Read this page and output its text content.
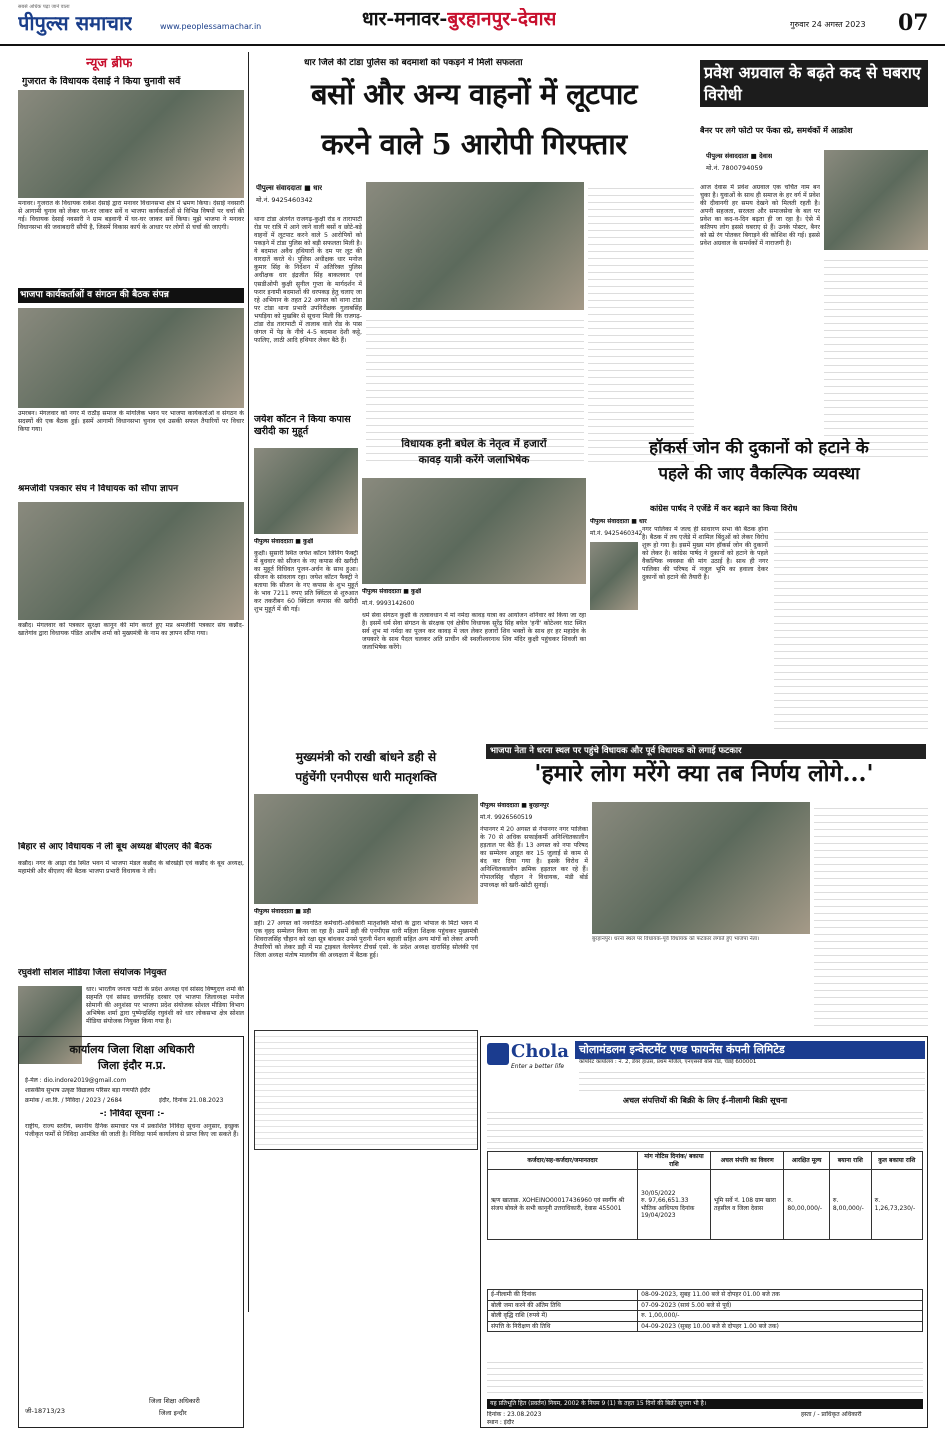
सबसे अधिक पढ़ा जाने वाला
पीपुल्स समाचार	www.peoplessamachar.in	धार-मनावर-बुरहानपुर-देवास	गुरुवार 24 अगस्त 2023 07
न्यूज ब्रीफ
गुजरात के विधायक देसाई ने किया चुनावी सर्वे
मनावर। गुजरात के विधायक राकेश देसाई द्वारा मनावर विधानसभा क्षेत्र में भ्रमण किया। देसाई नवसारी से आगामी चुनाव को लेकर घर-घर जाकर सर्वे व भाजपा कार्यकर्ताओं से विभिन्न विषयों पर चर्चा की गई। विधायक देसाई नवसारी ने ग्राम बड़वानी में घर-घर जाकर सर्वे किया। मुझे भाजपा ने मनावर विधानसभा की जवाबदारी सौंपी है, जिसमें विकास कार्य के आधार पर लोगों से चर्चा की जाएगी।
भाजपा कार्यकर्ताओं व संगठन की बैठक संपन्न
उमरबन। मंगलवार को नगर में राठौड़ समाज के मांगलिक भवन पर भाजपा कार्यकर्ताओं व संगठन के सदस्यों की एक बैठक हुई। इसमें आगामी विधानसभा चुनाव एवं उसकी सफल तैयारियों पर विचार किया गया।
श्रमजीवी पत्रकार संघ ने विधायक को सौंपा ज्ञापन
कन्नौद। मंगलवार को पत्रकार सुरक्षा कानून की मांग करते हुए मप्र श्रमजीवी पत्रकार संघ कन्नौद-खातेगांव द्वारा विधायक पंडित आशीष शर्मा को मुख्यमंत्री के नाम का ज्ञापन सौंपा गया।
बिहार से आए विधायक ने ली बूथ अध्यक्ष बीएलए की बैठक
कन्नौद। नगर के आढ़ा रोड स्थित भवन में भाजपा मंडल कन्नौद के बोरखेड़ी एवं कन्नौद के बूथ अध्यक्ष, महामंत्री और बीएलए की बैठक भाजपा प्रभारी विधायक ने ली।
रघुवंशी सोशल मीडिया जिला संयोजक नियुक्त
धार। भारतीय जनता पार्टी के प्रदेश अध्यक्ष एवं सांसद विष्णुदत्त शर्मा की सहमति एवं सांसद छत्तरसिंह दरबार एवं भाजपा जिलाध्यक्ष मनोज सोमानी की अनुशंसा पर भाजपा प्रदेश संयोजक सोशल मीडिया विभाग अभिषेक शर्मा द्वारा पुष्पेन्द्रसिंह रघुवंशी को धार लोकसभा क्षेत्र सोशल मीडिया संयोजक नियुक्त किया गया है।
कार्यालय जिला शिक्षा अधिकारी
जिला इंदौर म.प्र.
ई-मेल : dio.indore2019@gmail.com
शासकीय सुभाष उत्कृष्ट विद्यालय परिसर बड़ा गणपति इंदौर
क्रमांक / शा.वि. / निविदा / 2023 / 2684	इंदौर, दिनांक 21.08.2023
-: निविदा सूचना :-
राष्ट्रीय, राज्य स्तरीय, स्थानीय दैनिक समाचार पत्र में प्रकाशित निविदा सूचना अनुसार, इच्छुक पंजीकृत फर्मों से निविदा आमंत्रित की जाती है। निविदा फार्म कार्यालय से प्राप्त किए जा सकते हैं।
जी-18713/23
जिला शिक्षा अधिकारी
जिला इन्दौर
धार जिले की टांडा पुलिस को बदमाशों को पकड़ने में मिली सफलता
बसों और अन्य वाहनों में लूटपाट
करने वाले 5 आरोपी गिरफ्तार
पीपुल्स संवाददाता ■ धार
मो.नं. 9425460342
थाना टांडा अंतर्गत राजगढ़-कुक्षी रोड व तारापाटी रोड पर रात्रि में आने जाने वाली बसों व छोटे-बड़े वाहनों में लूटपाट करने वाले 5 आरोपियों को पकड़ने में टांडा पुलिस को बड़ी सफलता मिली है। ये बदमाश अवैध हथियारों के दम पर लूट की वारदातें करते थे। पुलिस अधीक्षक धार मनोज कुमार सिंह के निर्देशन में अतिरिक्त पुलिस अधीक्षक धार इंद्रजीत सिंह बाकलवार एवं एसडीओपी कुक्षी सुनील गुप्ता के मार्गदर्शन में फरार इनामी बदमाशों की धरपकड़ हेतु चलाए जा रहे अभियान के तहत 22 अगस्त को थाना टांडा पर टांडा थाना प्रभारी उपनिरीक्षक गुलाबसिंह भयड़िया को मुखबिर से सूचना मिली कि राजगढ़-टांडा रोड तारापाटी में तालाब वाले रोड के पास जंगल में पेड़ के नीचे 4-5 बदमाश देशी कट्टे, फालिए, लाठी आदि हथियार लेकर बैठे हैं।
प्रवेश अग्रवाल के बढ़ते कद से घबराए विरोधी
बैनर पर लगे फोटो पर फेंका स्प्रे, समर्थकों में आक्रोश
पीपुल्स संवाददाता ■ देवास
मो.नं. 7800794059
आज देवास में प्रवेश अग्रवाल एक चर्चित नाम बन चुका है। युवाओं के साथ ही समाज के हर वर्ग में प्रवेश की दीवानगी हर समय देखने को मिलती रहती है। अपनी सहजता, सरलता और समाजसेवा के बल पर प्रवेश का कद-व-दिन बढ़ता ही जा रहा है। ऐसे में कतिपय लोग इससे घबराए से हैं। उनके पोस्टर, बैनर को स्प्रे रंग पोतकर बिगाड़ने की कोशिश की गई। इससे प्रवेश अग्रवाल के समर्थकों में नाराजगी है।
जयेश कॉटन ने किया कपास खरीदी का मुहूर्त
पीपुल्स संवाददाता ■ कुक्षी
कुक्षी। सुसारी स्थित जयेश कॉटन जिनिंग फैक्ट्री में बुधवार को सीजन के नए कपास की खरीदी का मुहूर्त विधिवत पूजन-अर्चन के साथ हुआ। सीजन के सांवलाय रहा। जयेश कॉटन फैक्ट्री ने बताया कि सीजन के नए कपास के शुभ मुहूर्त के भाव 7211 रुपए प्रति क्विंटल से शुरुआत कर तकरीबन 60 क्विंटल कपास की खरीदी शुभ मुहूर्त में की गई।
विधायक हनी बघेल के नेतृत्व में हजारों
कावड़ यात्री करेंगे जलाभिषेक
पीपुल्स संवाददाता ■ कुक्षी
मो.नं. 9993142600
धर्म सेवा संगठन कुक्षी के तत्वावधान में मां नर्मदा कावड़ यात्रा का आयोजन शनिवार को किया जा रहा है। इसमें धर्म सेवा संगठन के संरक्षक एवं क्षेत्रीय विधायक सुरेंद्र सिंह बघेल 'हनी' कोटेश्वर घाट स्थित सर्व शुभ मां नर्मदा का पूजन कर कावड़ में जल लेकर हजारों शिव भक्तों के साथ हर हर महादेव के जयकारे के साथ पैदल चलकर अति प्राचीन श्री स्थलीश्वरनाथ शिव मंदिर कुक्षी पहुंचकर शिवजी का जलाभिषेक करेंगे।
हॉकर्स जोन की दुकानों को हटाने के
पहले की जाए वैकल्पिक व्यवस्था
कांग्रेस पार्षद ने एजेंडे में कर बढ़ाने का किया विरोध
पीपुल्स संवाददाता ■ धार
मो.नं. 9425460342
नगर पालिका में जल्द ही साधारण सभा की बैठक होना है। बैठक में तय एजेंडे में शामिल बिंदुओं को लेकर विरोध शुरू हो गया है। इसमें मुख्य मांग हॉकर्स जोन की दुकानों को लेकर है। कांग्रेस पार्षद ने दुकानों को हटाने के पहले वैकल्पिक व्यवस्था की मांग उठाई है। साथ ही नगर पालिका की परिषद में नजूल भूमि का हवाला देकर दुकानों को हटाने की तैयारी है।
मुख्यमंत्री को राखी बांधने डही से
पहुंचेंगी एनपीएस धारी मातृशक्ति
पीपुल्स संवाददाता ■ डही
डही। 27 अगस्त को नवगठित कर्मचारी-अधिकारी मातृशक्ति मोर्चा के द्वारा भोपाल के मिंटो भवन में एक वृहद सम्मेलन किया जा रहा है। उसमें डही की एनपीएस धारी महिला शिक्षक पहुंचकर मुख्यमंत्री शिवराजसिंह चौहान को रक्षा सूत्र बांधकर उनसे पुरानी पेंशन बहाली सहित अन्य मांगों को लेकर अपनी तैयारियों को लेकर डही में मप्र ट्राइबल वेलफेयर टीचर्स एसो. के प्रदेश अध्यक्ष दारासिंह सोलंकी एवं जिला अध्यक्ष मंतोष मालवीय की अध्यक्षता में बैठक हुई।
भाजपा नेता ने धरना स्थल पर पहुंचे विधायक और पूर्व विधायक को लगाई फटकार
'हमारे लोग मरेंगे क्या तब निर्णय लोगे...'
पीपुल्स संवाददाता ■ बुरहानपुर
मो.नं. 9926560519
बुरहानपुर। धरना स्थल पर विधायक-पूर्व विधायक को फटकार लगाते हुए भाजपा नेता।
नेपानगर में 20 अगस्त से नेपानगर नगर पालिका के 70 से अधिक सफाईकर्मी अनिश्चितकालीन हड़ताल पर बैठे हैं। 13 अगस्त को नपा परिषद का सम्मेलन आहूत कर 15 जुलाई से काम से बंद कर दिया गया है। इसके विरोध में अनिश्चितकालीन क्रमिक हड़ताल कर रहे हैं। गोपालसिंह चौहान ने विधायक, मंडी बोर्ड उपाध्यक्ष को खरी-खोटी सुनाई।
Chola
Enter a better life
चोलामंडलम इन्वेस्टमेंट एण्ड फायनेंस कंपनी लिमिटेड
कॉर्पोरेट कार्यालय : नं. 2, डेयर हाउस, प्रथम मंजिल, एनएससी बोस रोड, चेन्नई 600001
अचल संपत्तियों की बिक्री के लिए ई-नीलामी बिक्री सूचना
कर्जदार/सह-कर्जदार/जमानतदार	मांग नोटिस दिनांक/ बकाया राशि	अचल संपत्ति का विवरण	आरक्षित मूल्य	बयाना राशि	कुल बकाया राशि
ऋण खाताक्र. XOHEINO00017436960 एवं स्वर्गीय श्री संजय बोयले के सभी कानूनी उत्तराधिकारी, देवास 455001	30/05/2022
रु. 97,66,651.33
भौतिक आधिपत्य दिनांक 19/04/2023	भूमि सर्वे नं. 108 ग्राम खारा तहसील व जिला देवास	रु. 80,00,000/-	रु. 8,00,000/-	रु. 1,26,73,230/-
ई-नीलामी की दिनांक	08-09-2023, सुबह 11.00 बजे से दोपहर 01.00 बजे तक
बोली जमा करने की अंतिम तिथि	07-09-2023 (सायं 5.00 बजे से पूर्व)
बोली वृद्धि राशि (रुपये में)	रु. 1,00,000/-
संपत्ति के निरीक्षण की तिथि	04-09-2023 (सुबह 10.00 बजे से दोपहर 1.00 बजे तक)
यह प्रतिभूति हित (प्रवर्तन) नियम, 2002 के नियम 9 (1) के तहत 15 दिनों की बिक्री सूचना भी है।
दिनांक : 23.08.2023
स्थान : इंदौर
हस्ता / - प्राधिकृत अधिकारी
